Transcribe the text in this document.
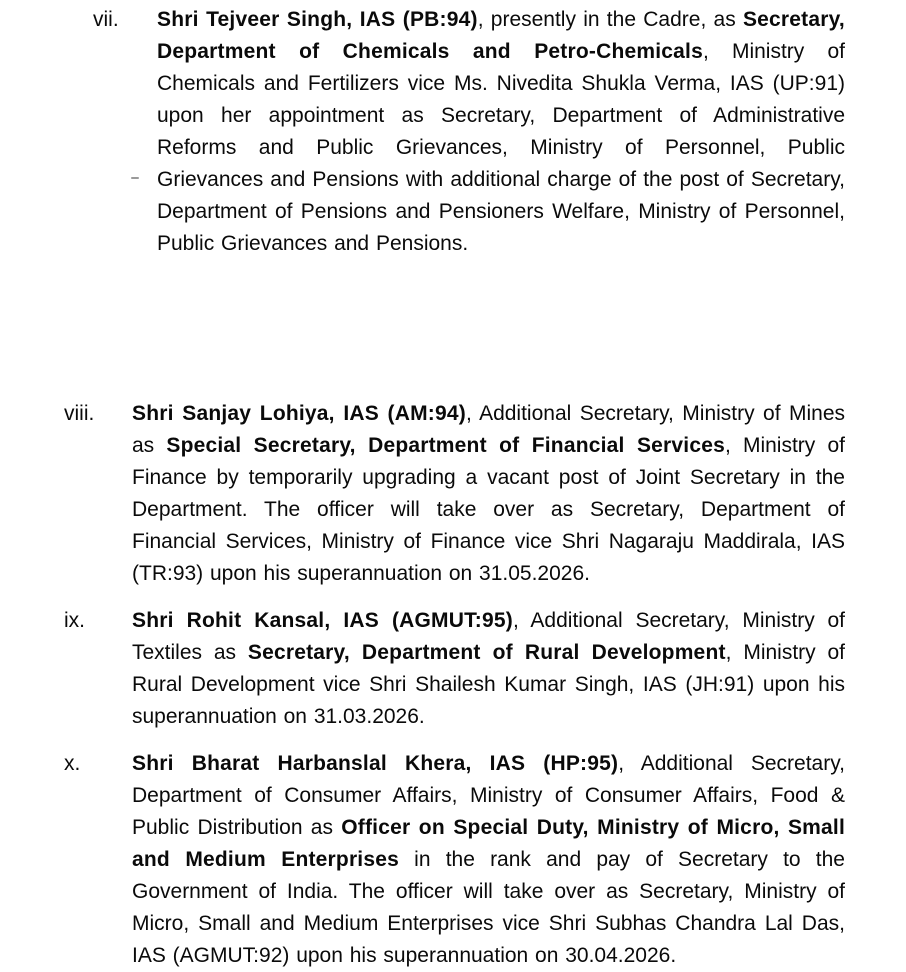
vii. Shri Tejveer Singh, IAS (PB:94), presently in the Cadre, as Secretary, Department of Chemicals and Petro-Chemicals, Ministry of Chemicals and Fertilizers vice Ms. Nivedita Shukla Verma, IAS (UP:91) upon her appointment as Secretary, Department of Administrative Reforms and Public Grievances, Ministry of Personnel, Public Grievances and Pensions with additional charge of the post of Secretary, Department of Pensions and Pensioners Welfare, Ministry of Personnel, Public Grievances and Pensions.
viii. Shri Sanjay Lohiya, IAS (AM:94), Additional Secretary, Ministry of Mines as Special Secretary, Department of Financial Services, Ministry of Finance by temporarily upgrading a vacant post of Joint Secretary in the Department. The officer will take over as Secretary, Department of Financial Services, Ministry of Finance vice Shri Nagaraju Maddirala, IAS (TR:93) upon his superannuation on 31.05.2026.
ix. Shri Rohit Kansal, IAS (AGMUT:95), Additional Secretary, Ministry of Textiles as Secretary, Department of Rural Development, Ministry of Rural Development vice Shri Shailesh Kumar Singh, IAS (JH:91) upon his superannuation on 31.03.2026.
x. Shri Bharat Harbanslal Khera, IAS (HP:95), Additional Secretary, Department of Consumer Affairs, Ministry of Consumer Affairs, Food & Public Distribution as Officer on Special Duty, Ministry of Micro, Small and Medium Enterprises in the rank and pay of Secretary to the Government of India. The officer will take over as Secretary, Ministry of Micro, Small and Medium Enterprises vice Shri Subhas Chandra Lal Das, IAS (AGMUT:92) upon his superannuation on 30.04.2026.
